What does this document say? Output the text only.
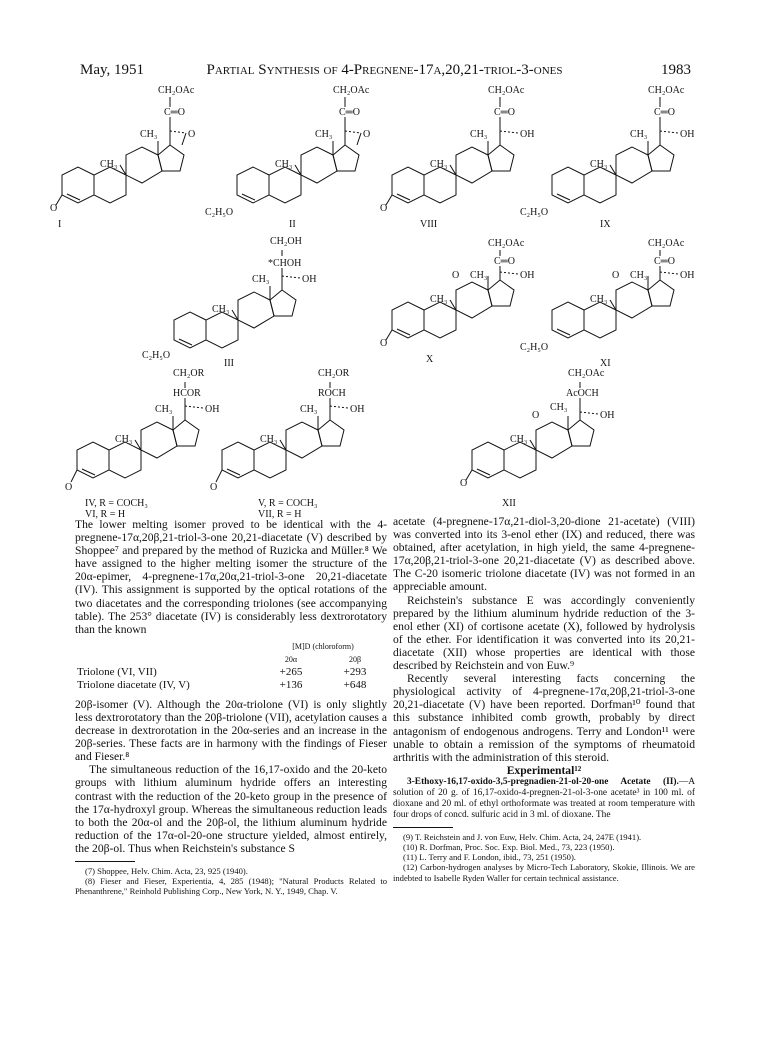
May, 1951	Partial Synthesis of 4-Pregnene-17α,20,21-triol-3-ones	1983
CH₂OAc
C═O
CH₃	O
CH₃
O
I
CH₂OAc
C═O
CH₃	O
CH₃
C₂H₅O
II
CH₂OH
*CHOH
CH₃	OH
CH₃
C₂H₅O
III
CH₂OR
HCOR
CH₃	OH
CH₃
O
IV, R = COCH₃
VI, R = H
CH₂OR
ROCH
CH₃	OH
CH₃
O
V, R = COCH₃
VII, R = H
CH₂OAc
C═O
CH₃	OH
CH₃
O
VIII
CH₂OAc
C═O
CH₃	OH
CH₃
C₂H₅O
IX
CH₂OAc
C═O
O CH₃	OH
CH₃
O
X
CH₂OAc
C═O
O CH₃	OH
CH₃
C₂H₅O
XI
CH₂OAc
AcOCH
O
CH₃
OH
CH₃
O
XII

The lower melting isomer proved to be identical with the 4-pregnene-17α,20β,21-triol-3-one 20,21-diacetate (V) described by Shoppee⁷ and prepared by the method of Ruzicka and Müller.⁸ We have assigned to the higher melting isomer the structure of the 20α-epimer, 4-pregnene-17α,20α,21-triol-3-one 20,21-diacetate (IV). This assignment is supported by the optical rotations of the two diacetates and the corresponding triolones (see accompanying table). The 253° diacetate (IV) is considerably less dextrorotatory than the known

	[M]D (chloroform)	
	20α	20β
Triolone (VI, VII)	+265	+293
Triolone diacetate (IV, V)	+136	+648

20β-isomer (V). Although the 20α-triolone (VI) is only slightly less dextrorotatory than the 20β-triolone (VII), acetylation causes a decrease in dextrorotation in the 20α-series and an increase in the 20β-series. These facts are in harmony with the findings of Fieser and Fieser.⁸

The simultaneous reduction of the 16,17-oxido and the 20-keto groups with lithium aluminum hydride offers an interesting contrast with the reduction of the 20-keto group in the presence of the 17α-hydroxyl group. Whereas the simultaneous reduction leads to both the 20α-ol and the 20β-ol, the lithium aluminum hydride reduction of the 17α-ol-20-one structure yielded, almost entirely, the 20β-ol. Thus when Reichstein's substance S

(7) Shoppee, Helv. Chim. Acta, 23, 925 (1940).

(8) Fieser and Fieser, Experientia, 4, 285 (1948); "Natural Products Related to Phenanthrene," Reinhold Publishing Corp., New York, N. Y., 1949, Chap. V.

acetate (4-pregnene-17α,21-diol-3,20-dione 21-acetate) (VIII) was converted into its 3-enol ether (IX) and reduced, there was obtained, after acetylation, in high yield, the same 4-pregnene-17α,20β,21-triol-3-one 20,21-diacetate (V) as described above. The C-20 isomeric triolone diacetate (IV) was not formed in an appreciable amount.

Reichstein's substance E was accordingly conveniently prepared by the lithium aluminum hydride reduction of the 3-enol ether (XI) of cortisone acetate (X), followed by hydrolysis of the ether. For identification it was converted into its 20,21-diacetate (XII) whose properties are identical with those described by Reichstein and von Euw.⁹

Recently several interesting facts concerning the physiological activity of 4-pregnene-17α,20β,21-triol-3-one 20,21-diacetate (V) have been reported. Dorfman¹⁰ found that this substance inhibited comb growth, probably by direct antagonism of endogenous androgens. Terry and London¹¹ were unable to obtain a remission of the symptoms of rheumatoid arthritis with the administration of this steroid.

Experimental¹²

3-Ethoxy-16,17-oxido-3,5-pregnadien-21-ol-20-one Acetate (II).—A solution of 20 g. of 16,17-oxido-4-pregnen-21-ol-3-one acetate³ in 100 ml. of dioxane and 20 ml. of ethyl orthoformate was treated at room temperature with four drops of concd. sulfuric acid in 3 ml. of dioxane. The

(9) T. Reichstein and J. von Euw, Helv. Chim. Acta, 24, 247E (1941).

(10) R. Dorfman, Proc. Soc. Exp. Biol. Med., 73, 223 (1950).

(11) L. Terry and F. London, ibid., 73, 251 (1950).

(12) Carbon-hydrogen analyses by Micro-Tech Laboratory, Skokie, Illinois. We are indebted to Isabelle Ryden Waller for certain technical assistance.
